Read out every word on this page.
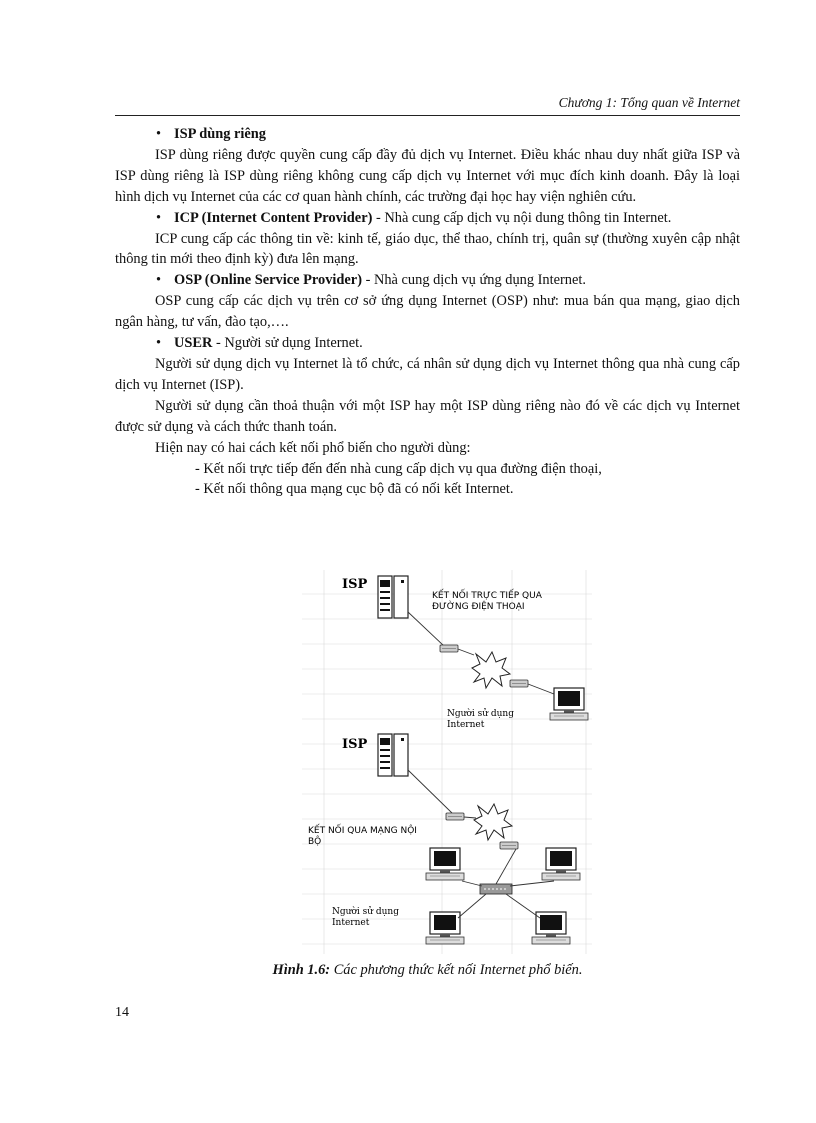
Chương 1: Tổng quan về Internet

• ISP dùng riêng

ISP dùng riêng được quyền cung cấp đầy đủ dịch vụ Internet. Điều khác nhau duy nhất giữa ISP và ISP dùng riêng là ISP dùng riêng không cung cấp dịch vụ Internet với mục đích kinh doanh. Đây là loại hình dịch vụ Internet của các cơ quan hành chính, các trường đại học hay viện nghiên cứu.

• ICP (Internet Content Provider) - Nhà cung cấp dịch vụ nội dung thông tin Internet.

ICP cung cấp các thông tin về: kinh tế, giáo dục, thể thao, chính trị, quân sự (thường xuyên cập nhật thông tin mới theo định kỳ) đưa lên mạng.

• OSP (Online Service Provider) - Nhà cung dịch vụ ứng dụng Internet.

OSP cung cấp các dịch vụ trên cơ sở ứng dụng Internet (OSP) như: mua bán qua mạng, giao dịch ngân hàng, tư vấn, đào tạo,….

• USER - Người sử dụng Internet.

Người sử dụng dịch vụ Internet là tổ chức, cá nhân sử dụng dịch vụ Internet thông qua nhà cung cấp dịch vụ Internet (ISP).

Người sử dụng cần thoả thuận với một ISP hay một ISP dùng riêng nào đó về các dịch vụ Internet được sử dụng và cách thức thanh toán.

Hiện nay có hai cách kết nối phổ biến cho người dùng:

- Kết nối trực tiếp đến đến nhà cung cấp dịch vụ qua đường điện thoại,

- Kết nối thông qua mạng cục bộ đã có nối kết Internet.

ISP
KẾT NỐI TRỰC TIẾP QUA
ĐƯỜNG ĐIỆN THOẠI
Người sử dụng
Internet
ISP
KẾT NỐI QUA MẠNG NỘI
BỘ
Người sử dụng
Internet
Hình 1.6: Các phương thức kết nối Internet phổ biến.
14
